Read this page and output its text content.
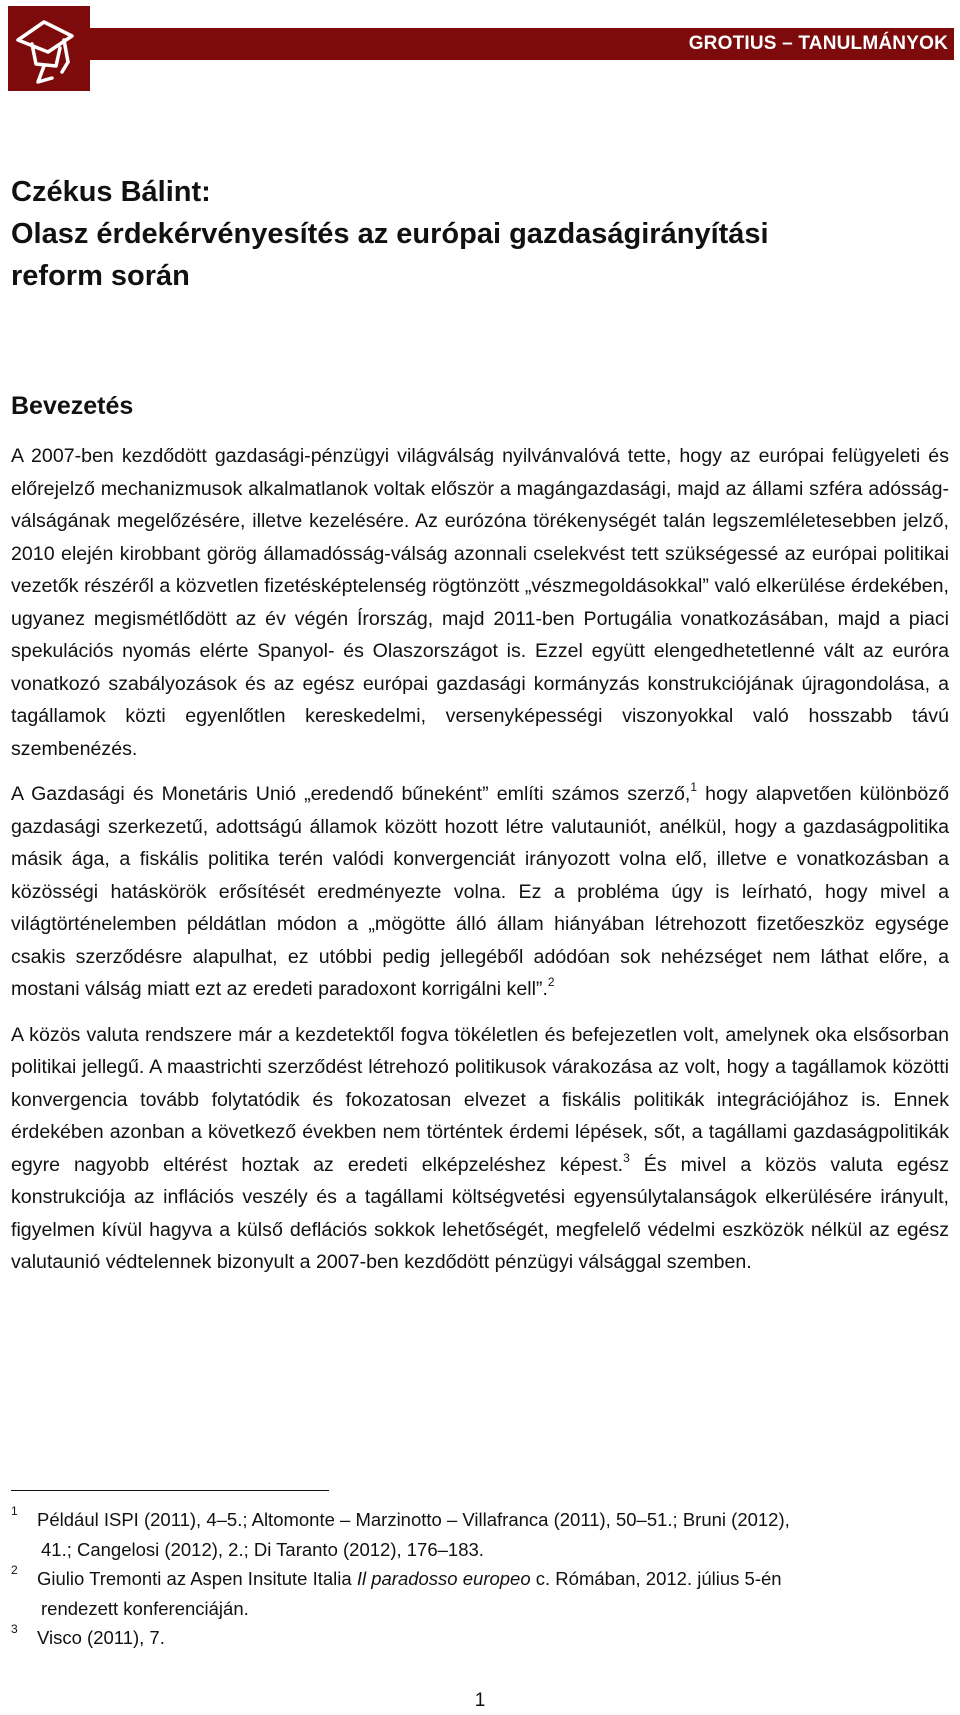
GROTIUS – TANULMÁNYOK
Czékus Bálint:
Olasz érdekérvényesítés az európai gazdaságirányítási
reform során
Bevezetés

A 2007-ben kezdődött gazdasági-pénzügyi világválság nyilvánvalóvá tette, hogy az európai felügyeleti és előrejelző mechanizmusok alkalmatlanok voltak először a magángazdasági, majd az állami szféra adósság-válságának megelőzésére, illetve kezelésére. Az eurózóna törékenységét talán legszemléletesebben jelző, 2010 elején kirobbant görög államadósság-válság azonnali cselekvést tett szükségessé az európai politikai vezetők részéről a közvetlen fizetésképtelenség rögtönzött „vészmegoldásokkal” való elkerülése érdekében, ugyanez megismétlődött az év végén Írország, majd 2011-ben Portugália vonatkozásában, majd a piaci spekulációs nyomás elérte Spanyol- és Olaszországot is. Ezzel együtt elengedhetetlenné vált az euróra vonatkozó szabályozások és az egész európai gazdasági kormányzás konstrukciójának újragondolása, a tagállamok közti egyenlőtlen kereskedelmi, versenyképességi viszonyokkal való hosszabb távú szembenézés.

A Gazdasági és Monetáris Unió „eredendő bűneként” említi számos szerző,$^1$ hogy alapvetően különböző gazdasági szerkezetű, adottságú államok között hozott létre valutauniót, anélkül, hogy a gazdaságpolitika másik ága, a fiskális politika terén valódi konvergenciát irányozott volna elő, illetve e vonatkozásban a közösségi hatáskörök erősítését eredményezte volna. Ez a probléma úgy is leírható, hogy mivel a világtörténelemben példátlan módon a „mögötte álló állam hiányában létrehozott fizetőeszköz egysége csakis szerződésre alapulhat, ez utóbbi pedig jellegéből adódóan sok nehézséget nem láthat előre, a mostani válság miatt ezt az eredeti paradoxont korrigálni kell”.$^2$

A közös valuta rendszere már a kezdetektől fogva tökéletlen és befejezetlen volt, amelynek oka elsősorban politikai jellegű. A maastrichti szerződést létrehozó politikusok várakozása az volt, hogy a tagállamok közötti konvergencia tovább folytatódik és fokozatosan elvezet a fiskális politikák integrációjához is. Ennek érdekében azonban a következő években nem történtek érdemi lépések, sőt, a tagállami gazdaságpolitikák egyre nagyobb eltérést hoztak az eredeti elképzeléshez képest.$^3$ És mivel a közös valuta egész konstrukciója az inflációs veszély és a tagállami költségvetési egyensúlytalanságok elkerülésére irányult, figyelmen kívül hagyva a külső deflációs sokkok lehetőségét, megfelelő védelmi eszközök nélkül az egész valutaunió védtelennek bizonyult a 2007-ben kezdődött pénzügyi válsággal szemben.

1	Például ISPI (2011), 4–5.; Altomonte – Marzinotto – Villafranca (2011), 50–51.; Bruni (2012),
41.; Cangelosi (2012), 2.; Di Taranto (2012), 176–183.
2	Giulio Tremonti az Aspen Insitute Italia Il paradosso europeo c. Rómában, 2012. július 5-én
rendezett konferenciáján.
3	Visco (2011), 7.
1
